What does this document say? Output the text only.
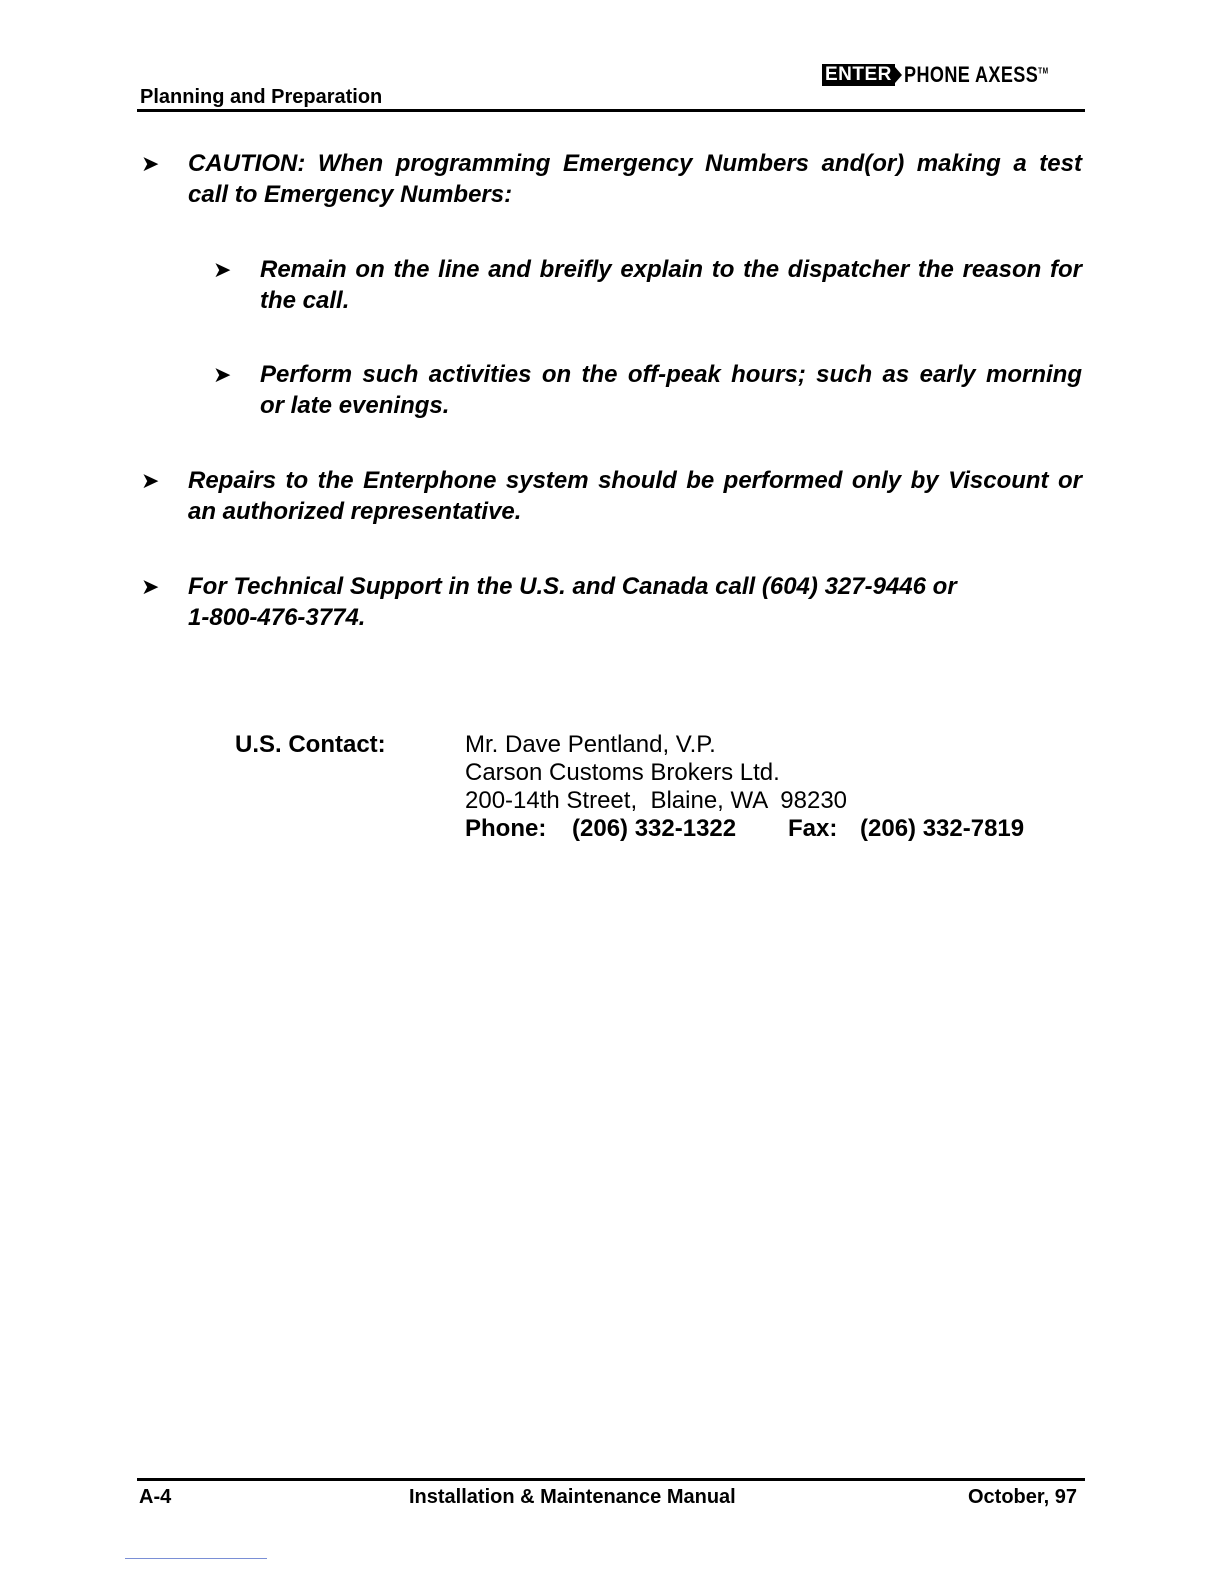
Planning and Preparation
ENTER PHONE AXESS™
➤ CAUTION: When programming Emergency Numbers and(or) making a test
call to Emergency Numbers:
➤ Remain on the line and breifly explain to the dispatcher the reason for
the call.
➤ Perform such activities on the off-peak hours; such as early morning
or late evenings.
➤ Repairs to the Enterphone system should be performed only by Viscount or
an authorized representative.
➤ For Technical Support in the U.S. and Canada call (604) 327-9446 or
1-800-476-3774.
U.S. Contact:	Mr. Dave Pentland, V.P.
Carson Customs Brokers Ltd.
200-14th Street,  Blaine, WA  98230
Phone: (206) 332-1322 Fax: (206) 332-7819
A-4	Installation & Maintenance Manual	October, 97
